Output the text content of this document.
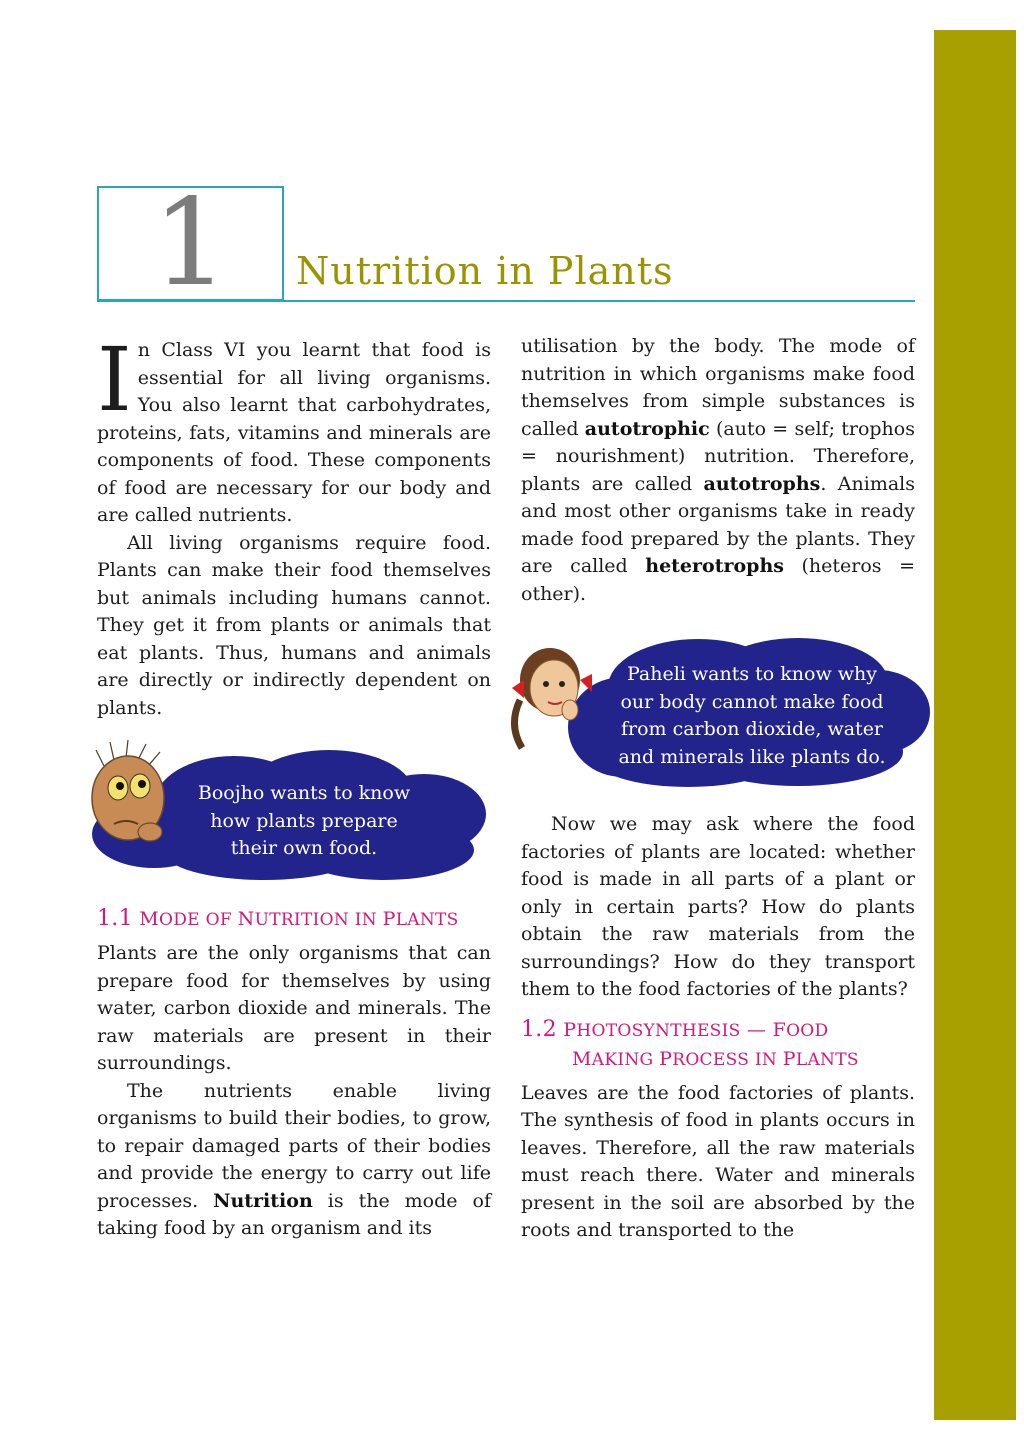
1	Nutrition in Plants

In Class VI you learnt that food is essential for all living organisms. You also learnt that carbohydrates, proteins, fats, vitamins and minerals are components of food. These components of food are necessary for our body and are called nutrients.

All living organisms require food. Plants can make their food themselves but animals including humans cannot. They get it from plants or animals that eat plants. Thus, humans and animals are directly or indirectly dependent on plants.

Boojho wants to know
how plants prepare
their own food.
1.1 MODE OF NUTRITION IN PLANTS

Plants are the only organisms that can prepare food for themselves by using water, carbon dioxide and minerals. The raw materials are present in their surroundings.

The nutrients enable living organisms to build their bodies, to grow, to repair damaged parts of their bodies and provide the energy to carry out life processes. Nutrition is the mode of taking food by an organism and its

utilisation by the body. The mode of nutrition in which organisms make food themselves from simple substances is called autotrophic (auto = self; trophos = nourishment) nutrition. Therefore, plants are called autotrophs. Animals and most other organisms take in ready made food prepared by the plants. They are called heterotrophs (heteros = other).

Paheli wants to know why
our body cannot make food
from carbon dioxide, water
and minerals like plants do.

Now we may ask where the food factories of plants are located: whether food is made in all parts of a plant or only in certain parts? How do plants obtain the raw materials from the surroundings? How do they transport them to the food factories of the plants?

1.2 PHOTOSYNTHESIS — FOOD
MAKING PROCESS IN PLANTS

Leaves are the food factories of plants. The synthesis of food in plants occurs in leaves. Therefore, all the raw materials must reach there. Water and minerals present in the soil are absorbed by the roots and transported to the
